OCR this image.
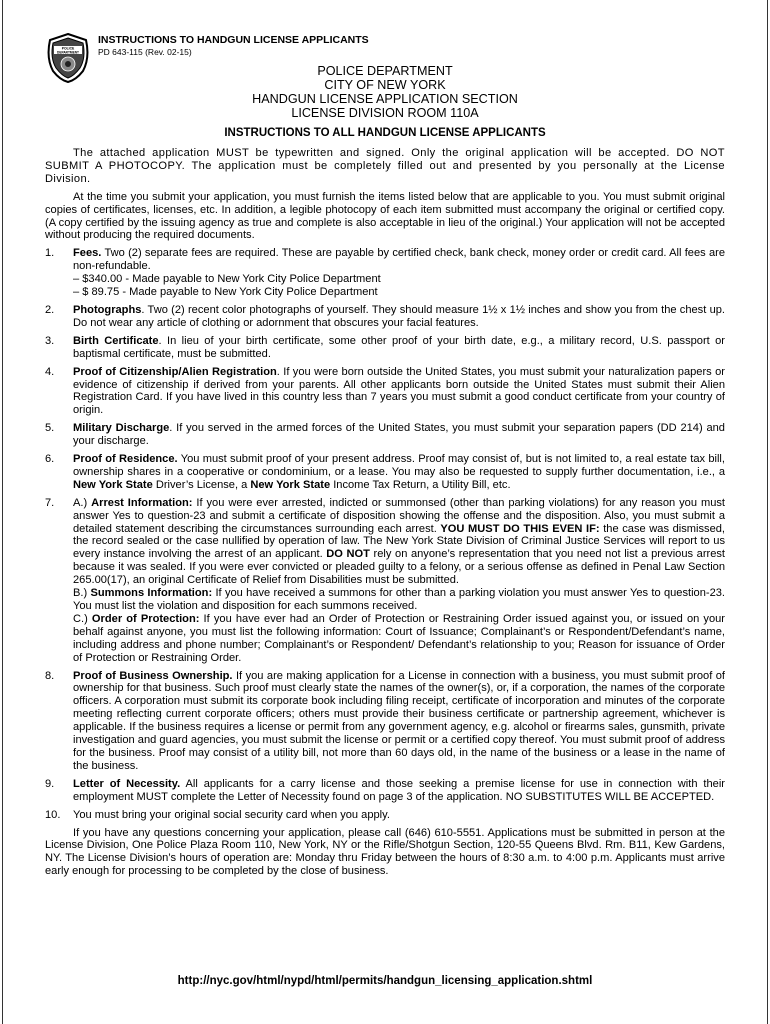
POLICE
DEPARTMENT
INSTRUCTIONS TO HANDGUN LICENSE APPLICANTS
PD 643-115 (Rev. 02-15)
POLICE DEPARTMENT
CITY OF NEW YORK
HANDGUN LICENSE APPLICATION SECTION
LICENSE DIVISION ROOM 110A
INSTRUCTIONS TO ALL HANDGUN LICENSE APPLICANTS

The attached application MUST be typewritten and signed. Only the original application will be accepted. DO NOT SUBMIT A PHOTOCOPY. The application must be completely filled out and presented by you personally at the License Division.

At the time you submit your application, you must furnish the items listed below that are applicable to you. You must submit original copies of certificates, licenses, etc. In addition, a legible photocopy of each item submitted must accompany the original or certified copy. (A copy certified by the issuing agency as true and complete is also acceptable in lieu of the original.) Your application will not be accepted without producing the required documents.

1. Fees. Two (2) separate fees are required. These are payable by certified check, bank check, money order or credit card. All fees are non-refundable.
– $340.00 - Made payable to New York City Police Department
– $ 89.75 - Made payable to New York City Police Department
2. Photographs. Two (2) recent color photographs of yourself. They should measure 1½ x 1½ inches and show you from the chest up. Do not wear any article of clothing or adornment that obscures your facial features.
3. Birth Certificate. In lieu of your birth certificate, some other proof of your birth date, e.g., a military record, U.S. passport or baptismal certificate, must be submitted.
4. Proof of Citizenship/Alien Registration. If you were born outside the United States, you must submit your naturalization papers or evidence of citizenship if derived from your parents. All other applicants born outside the United States must submit their Alien Registration Card. If you have lived in this country less than 7 years you must submit a good conduct certificate from your country of origin.
5. Military Discharge. If you served in the armed forces of the United States, you must submit your separation papers (DD 214) and your discharge.
6. Proof of Residence. You must submit proof of your present address. Proof may consist of, but is not limited to, a real estate tax bill, ownership shares in a cooperative or condominium, or a lease. You may also be requested to supply further documentation, i.e., a New York State Driver’s License, a New York State Income Tax Return, a Utility Bill, etc.
7. A.) Arrest Information: If you were ever arrested, indicted or summonsed (other than parking violations) for any reason you must answer Yes to question-23 and submit a certificate of disposition showing the offense and the disposition. Also, you must submit a detailed statement describing the circumstances surrounding each arrest. YOU MUST DO THIS EVEN IF: the case was dismissed, the record sealed or the case nullified by operation of law. The New York State Division of Criminal Justice Services will report to us every instance involving the arrest of an applicant. DO NOT rely on anyone’s representation that you need not list a previous arrest because it was sealed. If you were ever convicted or pleaded guilty to a felony, or a serious offense as defined in Penal Law Section 265.00(17), an original Certificate of Relief from Disabilities must be submitted.
B.) Summons Information: If you have received a summons for other than a parking violation you must answer Yes to question-23. You must list the violation and disposition for each summons received.
C.) Order of Protection: If you have ever had an Order of Protection or Restraining Order issued against you, or issued on your behalf against anyone, you must list the following information: Court of Issuance; Complainant’s or Respondent/Defendant’s name, including address and phone number; Complainant’s or Respondent/ Defendant’s relationship to you; Reason for issuance of Order of Protection or Restraining Order.
8. Proof of Business Ownership. If you are making application for a License in connection with a business, you must submit proof of ownership for that business. Such proof must clearly state the names of the owner(s), or, if a corporation, the names of the corporate officers. A corporation must submit its corporate book including filing receipt, certificate of incorporation and minutes of the corporate meeting reflecting current corporate officers; others must provide their business certificate or partnership agreement, whichever is applicable. If the business requires a license or permit from any government agency, e.g. alcohol or firearms sales, gunsmith, private investigation and guard agencies, you must submit the license or permit or a certified copy thereof. You must submit proof of address for the business. Proof may consist of a utility bill, not more than 60 days old, in the name of the business or a lease in the name of the business.
9. Letter of Necessity. All applicants for a carry license and those seeking a premise license for use in connection with their employment MUST complete the Letter of Necessity found on page 3 of the application. NO SUBSTITUTES WILL BE ACCEPTED.
10. You must bring your original social security card when you apply.

If you have any questions concerning your application, please call (646) 610-5551. Applications must be submitted in person at the License Division, One Police Plaza Room 110, New York, NY or the Rifle/Shotgun Section, 120-55 Queens Blvd. Rm. B11, Kew Gardens, NY. The License Division’s hours of operation are: Monday thru Friday between the hours of 8:30 a.m. to 4:00 p.m. Applicants must arrive early enough for processing to be completed by the close of business.

http://nyc.gov/html/nypd/html/permits/handgun_licensing_application.shtml
